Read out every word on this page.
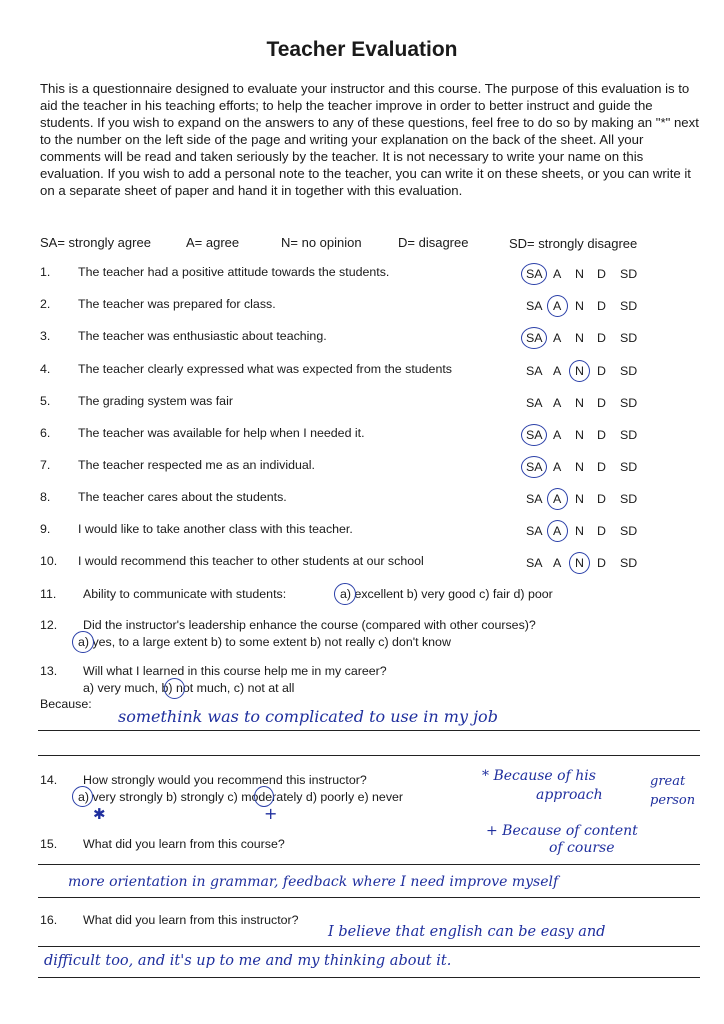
Teacher Evaluation
This is a questionnaire designed to evaluate your instructor and this course. The purpose of this evaluation is to aid the teacher in his teaching efforts; to help the teacher improve in order to better instruct and guide the students. If you wish to expand on the answers to any of these questions, feel free to do so by making an "*" next to the number on the left side of the page and writing your explanation on the back of the sheet. All your comments will be read and taken seriously by the teacher. It is not necessary to write your name on this evaluation. If you wish to add a personal note to the teacher, you can write it on these sheets, or you can write it on a separate sheet of paper and hand it in together with this evaluation.
SA= strongly agree	A= agree	N= no opinion	D= disagree	SD= strongly disagree
1. The teacher had a positive attitude towards the students.	SA A N D SD
2. The teacher was prepared for class.	SA A N D SD
3. The teacher was enthusiastic about teaching.	SA A N D SD
4. The teacher clearly expressed what was expected from the students	SA A N D SD
5. The grading system was fair	SA A N D SD
6. The teacher was available for help when I needed it.	SA A N D SD
7. The teacher respected me as an individual.	SA A N D SD
8. The teacher cares about the students.	SA A N D SD
9. I would like to take another class with this teacher.	SA A N D SD
10. I would recommend this teacher to other students at our school	SA A N D SD
11. Ability to communicate with students:	a) excellent b) very good c) fair d) poor
12. Did the instructor's leadership enhance the course (compared with other courses)?
a) yes, to a large extent b) to some extent b) not really c) don't know
13. Will what I learned in this course help me in my career?
a) very much, b) not much, c) not at all
Because:
somethink was to complicated to use in my job
14. How strongly would you recommend this instructor?
a) very strongly b) strongly c) moderately d) poorly e) never
✱	+
* Because of his
approach
great
person
+ Because of content
of course
15. What did you learn from this course?
more orientation in grammar, feedback where I need improve myself
16. What did you learn from this instructor?
I believe that english can be easy and
difficult too, and it's up to me and my thinking about it.
